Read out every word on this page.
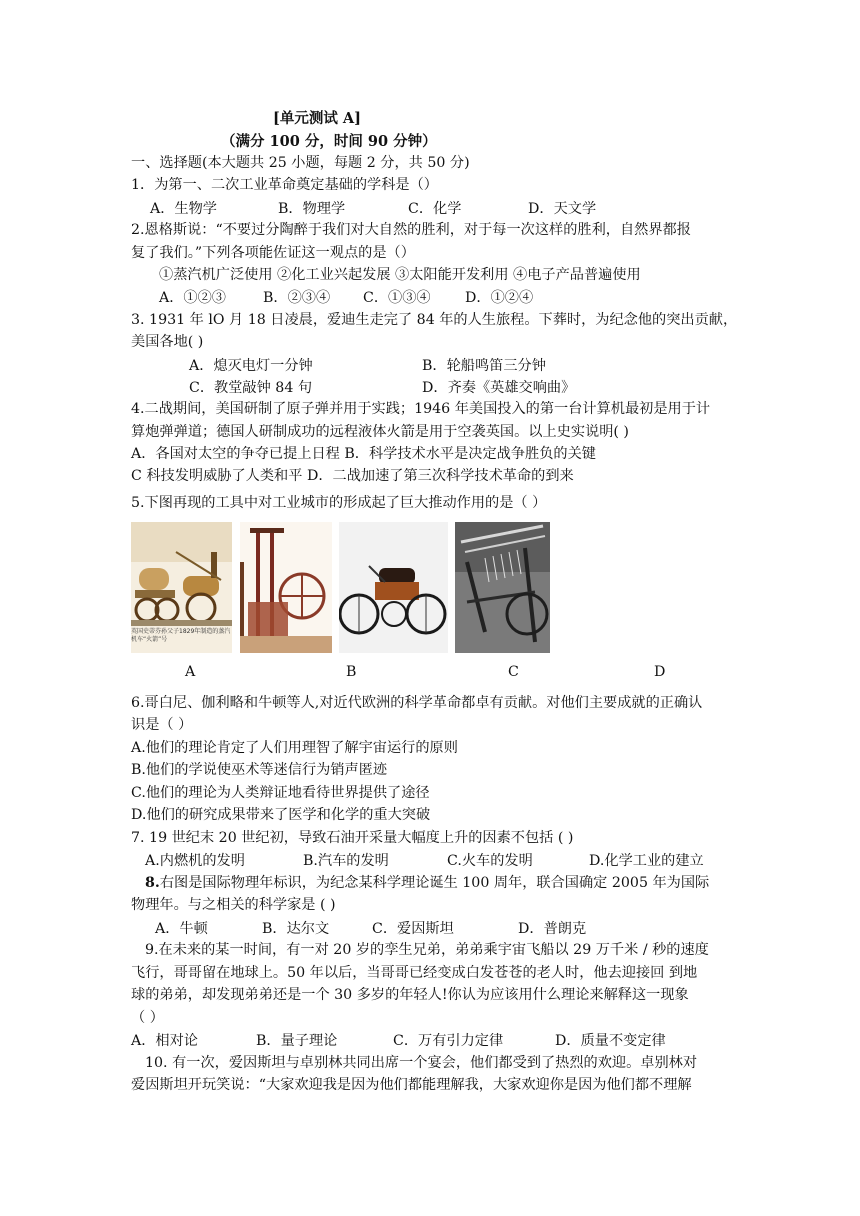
[单元测试 A]
（满分 100 分，时间 90 分钟）
一、选择题(本大题共 25 小题，每题 2 分，共 50 分)
1．为第一、二次工业革命奠定基础的学科是（）
A．生物学	B．物理学	C．化学	D．天文学
2.恩格斯说：“不要过分陶醉于我们对大自然的胜利，对于每一次这样的胜利，自然界都报
复了我们。”下列各项能佐证这一观点的是（）
①蒸汽机广泛使用 ②化工业兴起发展 ③太阳能开发利用 ④电子产品普遍使用
A．①②③	B．②③④ C．①③④ D．①②④
3. 1931 年 lO 月 18 日凌晨，爱迪生走完了 84 年的人生旅程。下葬时，为纪念他的突出贡献，
美国各地( )
A．熄灭电灯一分钟	B．轮船鸣笛三分钟
C．教堂敲钟 84 句	D．齐奏《英雄交响曲》
4.二战期间，美国研制了原子弹并用于实践；1946 年美国投入的第一台计算机最初是用于计
算炮弹弹道；德国人研制成功的远程液体火箭是用于空袭英国。以上史实说明( )
A．各国对太空的争夺已提上日程 B．科学技术水平是决定战争胜负的关键
C 科技发明威胁了人类和平 D．二战加速了第三次科学技术革命的到来
5.下图再现的工具中对工业城市的形成起了巨大推动作用的是（ ）
英国史蒂芬孙父子1829年制造的蒸汽机车“火箭”号
A	B	C	D
6.哥白尼、伽利略和牛顿等人,对近代欧洲的科学革命都卓有贡献。对他们主要成就的正确认
识是（ ）
A.他们的理论肯定了人们用理智了解宇宙运行的原则
B.他们的学说使巫术等迷信行为销声匿迹
C.他们的理论为人类辩证地看待世界提供了途径
D.他们的研究成果带来了医学和化学的重大突破
7. 19 世纪末 20 世纪初，导致石油开采量大幅度上升的因素不包括 ( )
A.内燃机的发明	B.汽车的发明	C.火车的发明	D.化学工业的建立
8.右图是国际物理年标识，为纪念某科学理论诞生 100 周年，联合国确定 2005 年为国际
物理年。与之相关的科学家是 ( )
A．牛顿	B．达尔文	C．爱因斯坦	D．普朗克
9.在未来的某一时间，有一对 20 岁的孪生兄弟，弟弟乘宇宙飞船以 29 万千米 / 秒的速度
飞行，哥哥留在地球上。50 年以后，当哥哥已经变成白发苍苍的老人时，他去迎接回 到地
球的弟弟，却发现弟弟还是一个 30 多岁的年轻人!你认为应该用什么理论来解释这一现象
（ ）
A．相对论	B．量子理论	C．万有引力定律	D．质量不变定律
10. 有一次，爱因斯坦与卓别林共同出席一个宴会，他们都受到了热烈的欢迎。卓别林对
爱因斯坦开玩笑说：“大家欢迎我是因为他们都能理解我，大家欢迎你是因为他们都不理解
